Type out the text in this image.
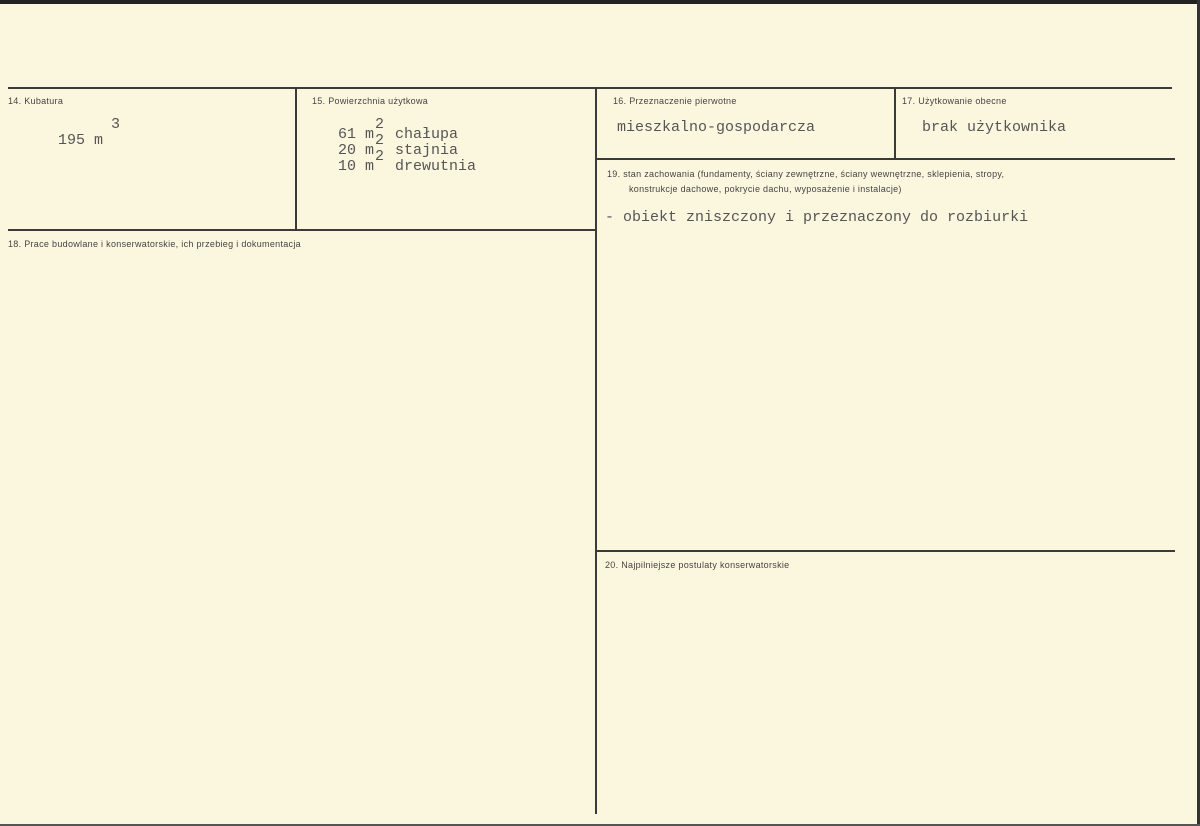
14. Kubatura
195 $m^3$
15. Powierzchnia użytkowa
61 m
2
chałupa
20 m
2
stajnia
10 m
2
drewutnia
16. Przeznaczenie pierwotne
mieszkalno-gospodarcza
17. Użytkowanie obecne
brak użytkownika
18. Prace budowlane i konserwatorskie, ich przebieg i dokumentacja
19. stan zachowania (fundamenty, ściany zewnętrzne, ściany wewnętrzne, sklepienia, stropy,
konstrukcje dachowe, pokrycie dachu, wyposażenie i instalacje)
- obiekt zniszczony i przeznaczony do rozbiurki
20. Najpilniejsze postulaty konserwatorskie
